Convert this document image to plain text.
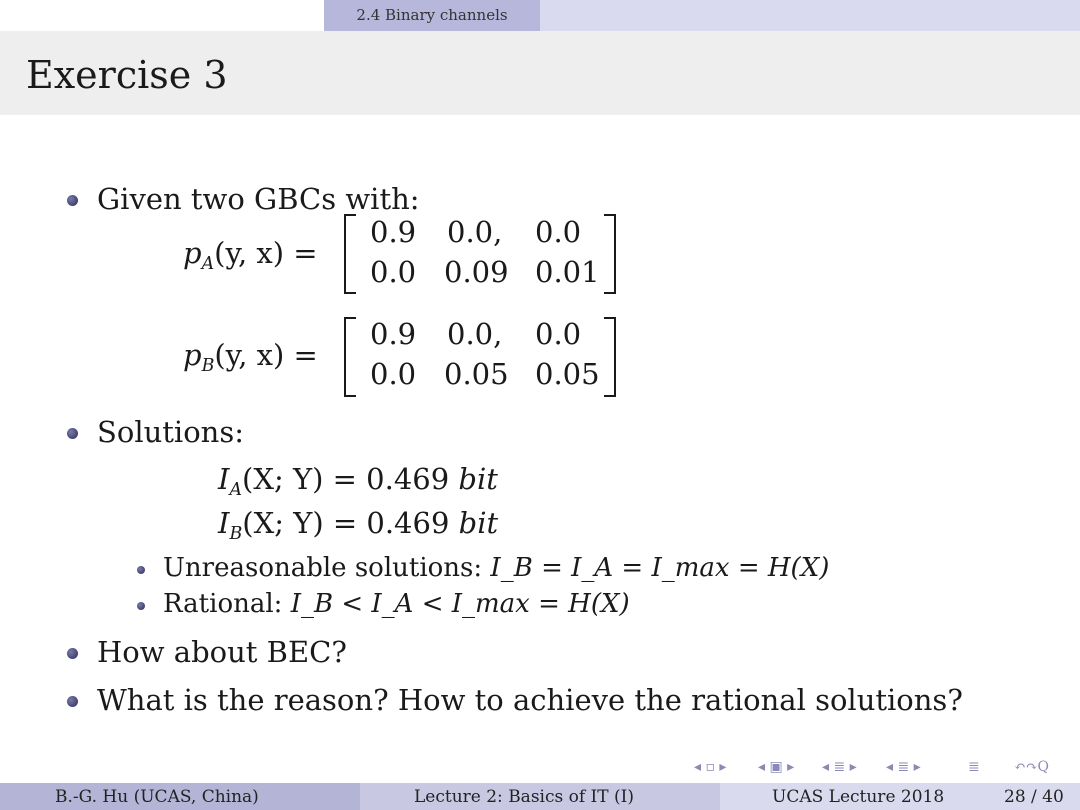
2.4 Binary channels
Exercise 3
Given two GBCs with:
$p_A(y$, x) =
0.9 0.0, 0.0
0.0 0.09 0.01
$p_B(y$, x) =
0.9 0.0, 0.0
0.0 0.05 0.05
Solutions:
$I_A(X$; Y) = 0.469 bit
$I_B(X$; Y) = 0.469 bit
Unreasonable solutions: I_B = I_A = I_max = H(X)
Rational: I_B < I_A < I_max = H(X)
How about BEC?
What is the reason? How to achieve the rational solutions?
◂ ▫ ▸ ◂ ▣ ▸ ◂ ≣ ▸ ◂ ≣ ▸	≣ ↶↷Q
B.-G. Hu (UCAS, China)	Lecture 2: Basics of IT (I)	UCAS Lecture 2018	28 / 40
